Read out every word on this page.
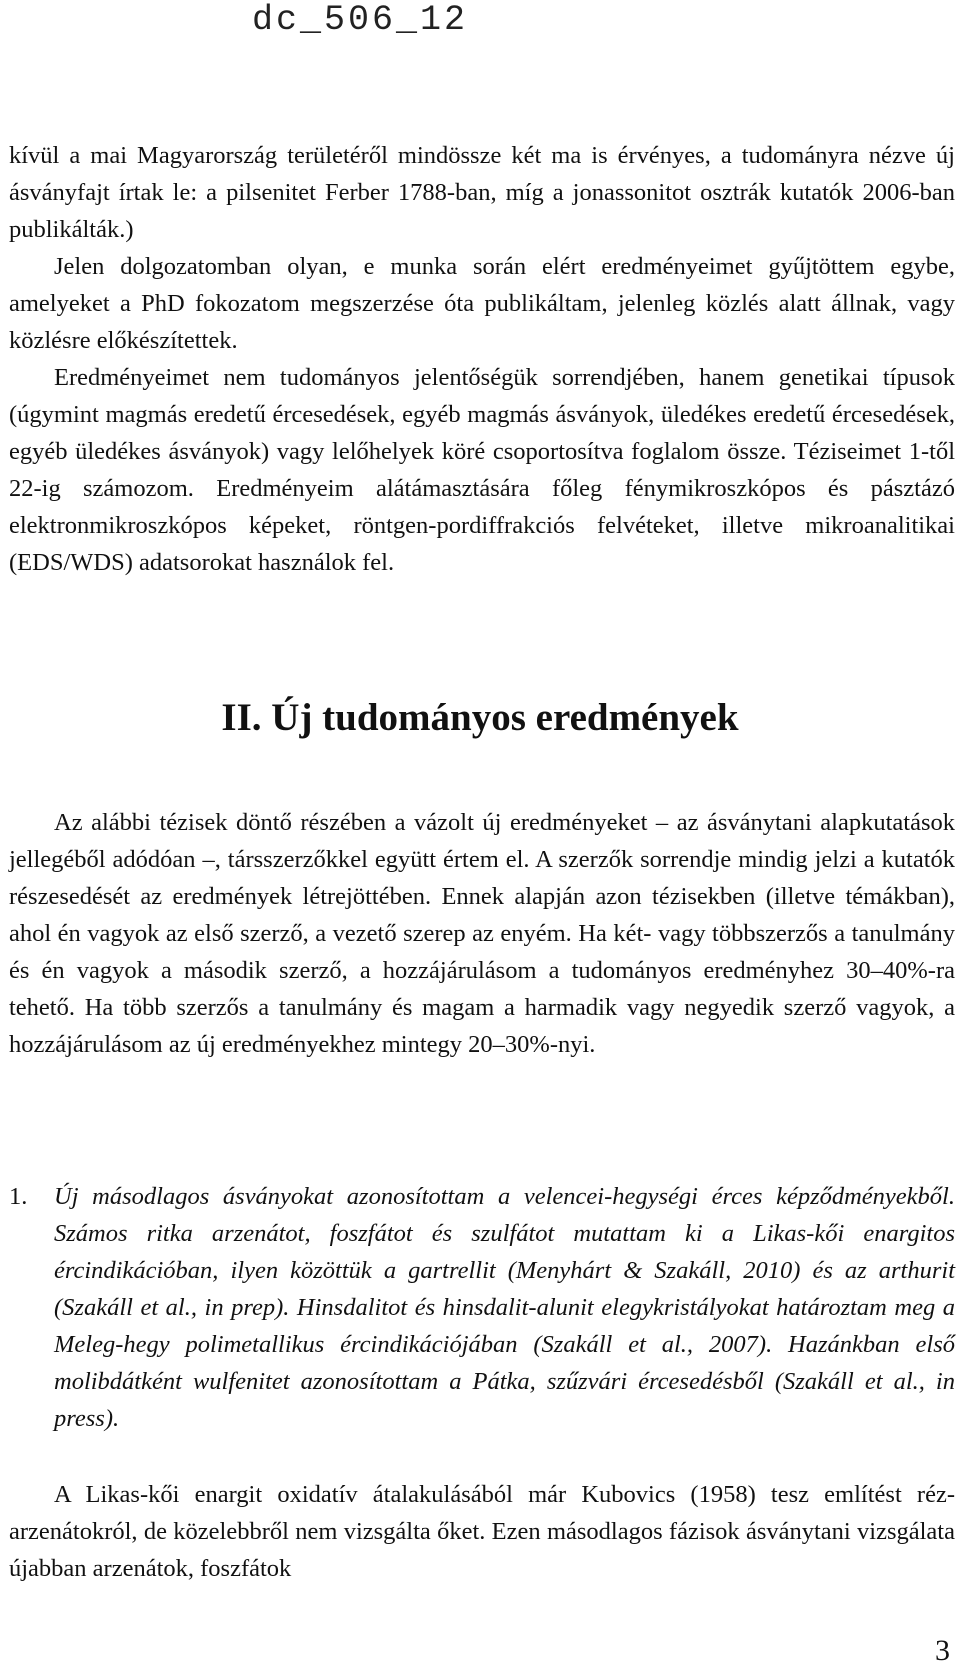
dc_506_12

kívül a mai Magyarország területéről mindössze két ma is érvényes, a tudományra nézve új ásványfajt írtak le: a pilsenitet Ferber 1788-ban, míg a jonassonitot osztrák kutatók 2006-ban publikálták.)

Jelen dolgozatomban olyan, e munka során elért eredményeimet gyűjtöttem egybe, amelyeket a PhD fokozatom megszerzése óta publikáltam, jelenleg közlés alatt állnak, vagy közlésre előkészítettek.

Eredményeimet nem tudományos jelentőségük sorrendjében, hanem genetikai típusok (úgymint magmás eredetű ércesedések, egyéb magmás ásványok, üledékes eredetű ércesedések, egyéb üledékes ásványok) vagy lelőhelyek köré csoportosítva foglalom össze. Téziseimet 1-től 22-ig számozom. Eredményeim alátámasztására főleg fénymikroszkópos és pásztázó elektronmikroszkópos képeket, röntgen-pordiffrakciós felvéteket, illetve mikroanalitikai (EDS/WDS) adatsorokat használok fel.

II. Új tudományos eredmények

Az alábbi tézisek döntő részében a vázolt új eredményeket – az ásványtani alapkutatások jellegéből adódóan –, társszerzőkkel együtt értem el. A szerzők sorrendje mindig jelzi a kutatók részesedését az eredmények létrejöttében. Ennek alapján azon tézisekben (illetve témákban), ahol én vagyok az első szerző, a vezető szerep az enyém. Ha két- vagy többszerzős a tanulmány és én vagyok a második szerző, a hozzájárulásom a tudományos eredményhez 30–40%-ra tehető. Ha több szerzős a tanulmány és magam a harmadik vagy negyedik szerző vagyok, a hozzájárulásom az új eredményekhez mintegy 20–30%-nyi.

1. Új másodlagos ásványokat azonosítottam a velencei-hegységi érces képződményekből. Számos ritka arzenátot, foszfátot és szulfátot mutattam ki a Likas-kői enargitos ércindikációban, ilyen közöttük a gartrellit (Menyhárt & Szakáll, 2010) és az arthurit (Szakáll et al., in prep). Hinsdalitot és hinsdalit-alunit elegykristályokat határoztam meg a Meleg-hegy polimetallikus ércindikációjában (Szakáll et al., 2007). Hazánkban első molibdátként wulfenitet azonosítottam a Pátka, szűzvári ércesedésből (Szakáll et al., in press).

A Likas-kői enargit oxidatív átalakulásából már Kubovics (1958) tesz említést réz-arzenátokról, de közelebbről nem vizsgálta őket. Ezen másodlagos fázisok ásványtani vizsgálata újabban arzenátok, foszfátok

3
